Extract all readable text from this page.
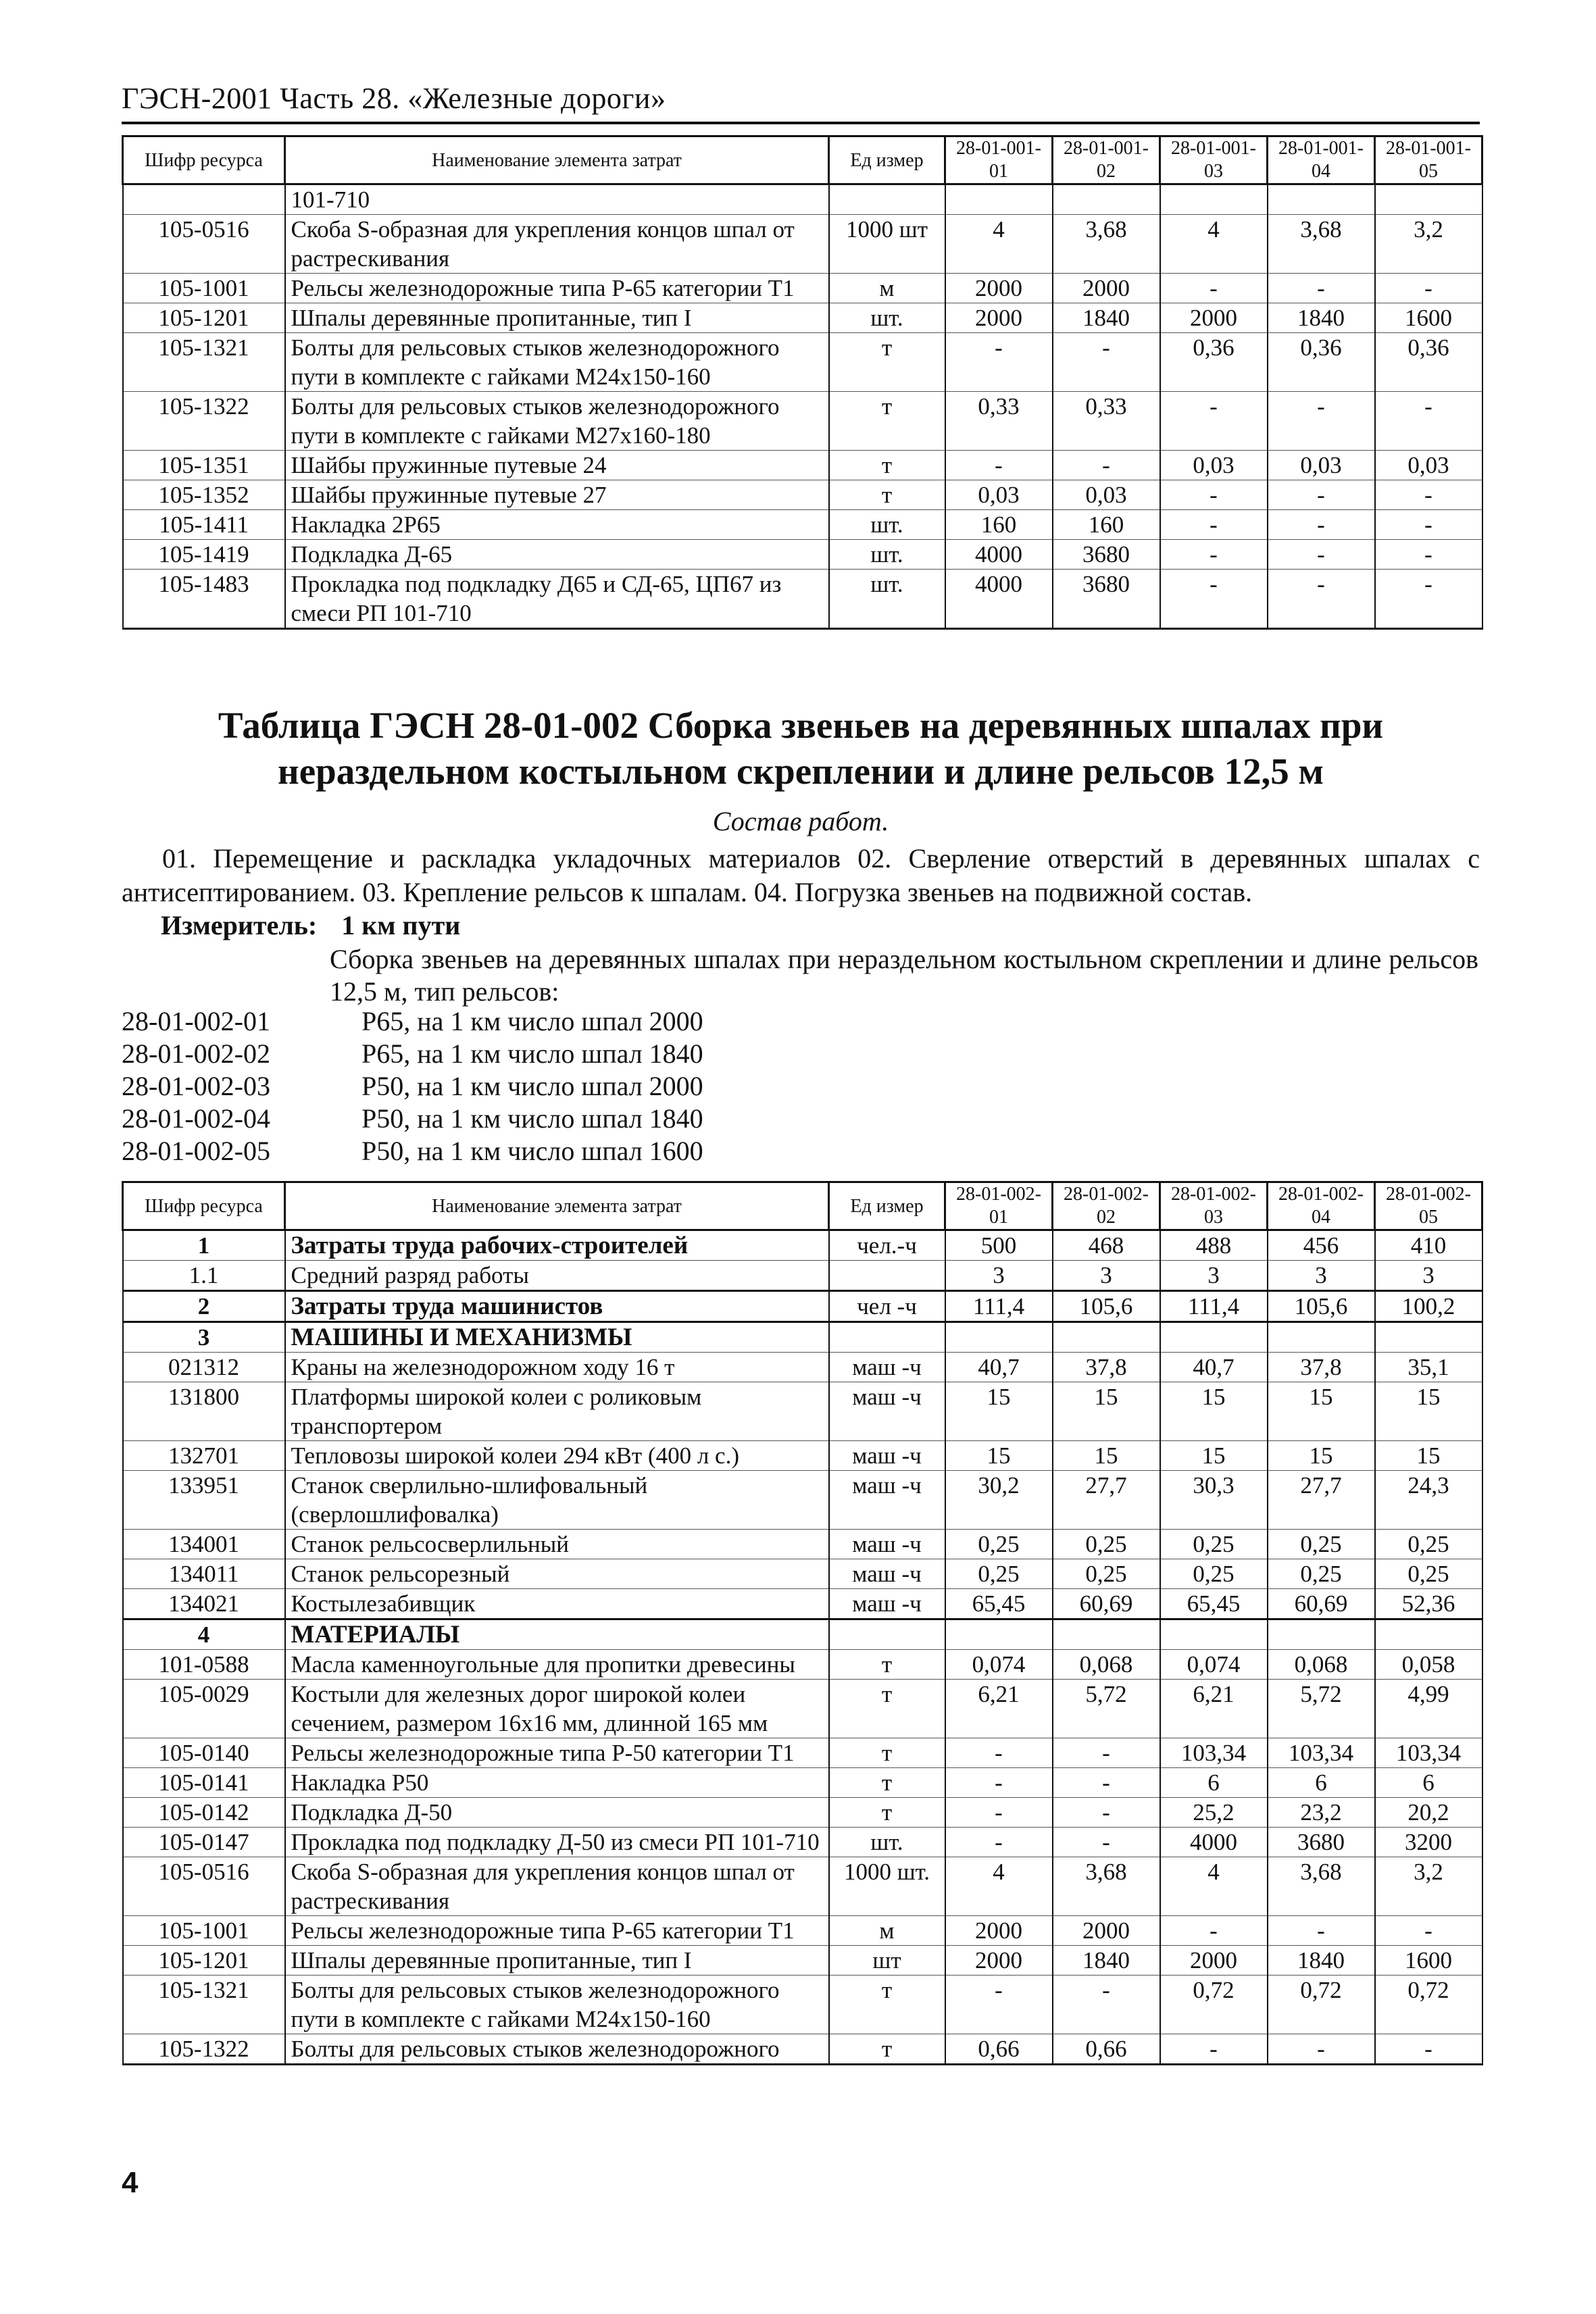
ГЭСН-2001 Часть 28. «Железные дороги»
Шифр ресурса	Наименование элемента затрат	Ед измер	28-01-001-01	28-01-001-02	28-01-001-03	28-01-001-04	28-01-001-05
	101-710						
105-0516	Скоба S-образная для укрепления концов шпал от растрескивания	1000 шт	4	3,68	4	3,68	3,2
105-1001	Рельсы железнодорожные типа Р-65 категории Т1	м	2000	2000	-	-	-
105-1201	Шпалы деревянные пропитанные, тип I	шт.	2000	1840	2000	1840	1600
105-1321	Болты для рельсовых стыков железнодорожного пути в комплекте с гайками М24х150-160	т	-	-	0,36	0,36	0,36
105-1322	Болты для рельсовых стыков железнодорожного пути в комплекте с гайками М27х160-180	т	0,33	0,33	-	-	-
105-1351	Шайбы пружинные путевые 24	т	-	-	0,03	0,03	0,03
105-1352	Шайбы пружинные путевые 27	т	0,03	0,03	-	-	-
105-1411	Накладка 2Р65	шт.	160	160	-	-	-
105-1419	Подкладка Д-65	шт.	4000	3680	-	-	-
105-1483	Прокладка под подкладку Д65 и СД-65, ЦП67 из смеси РП 101-710	шт.	4000	3680	-	-	-
Таблица ГЭСН 28-01-002 Сборка звеньев на деревянных шпалах при нераздельном костыльном скреплении и длине рельсов 12,5 м
Состав работ.
01. Перемещение и раскладка укладочных материалов 02. Сверление отверстий в деревянных шпалах с антисептированием. 03. Крепление рельсов к шпалам. 04. Погрузка звеньев на подвижной состав.
Измеритель: 1 км пути
Сборка звеньев на деревянных шпалах при нераздельном костыльном скреплении и длине рельсов 12,5 м, тип рельсов:
28-01-002-01	Р65, на 1 км число шпал 2000
28-01-002-02	Р65, на 1 км число шпал 1840
28-01-002-03	Р50, на 1 км число шпал 2000
28-01-002-04	Р50, на 1 км число шпал 1840
28-01-002-05	Р50, на 1 км число шпал 1600
Шифр ресурса	Наименование элемента затрат	Ед измер	28-01-002-01	28-01-002-02	28-01-002-03	28-01-002-04	28-01-002-05
1	Затраты труда рабочих-строителей	чел.-ч	500	468	488	456	410
1.1	Средний разряд работы		3	3	3	3	3
2	Затраты труда машинистов	чел -ч	111,4	105,6	111,4	105,6	100,2
3	МАШИНЫ И МЕХАНИЗМЫ						
021312	Краны на железнодорожном ходу 16 т	маш -ч	40,7	37,8	40,7	37,8	35,1
131800	Платформы широкой колеи с роликовым транспортером	маш -ч	15	15	15	15	15
132701	Тепловозы широкой колеи 294 кВт (400 л с.)	маш -ч	15	15	15	15	15
133951	Станок сверлильно-шлифовальный (сверлошлифовалка)	маш -ч	30,2	27,7	30,3	27,7	24,3
134001	Станок рельсосверлильный	маш -ч	0,25	0,25	0,25	0,25	0,25
134011	Станок рельсорезный	маш -ч	0,25	0,25	0,25	0,25	0,25
134021	Костылезабивщик	маш -ч	65,45	60,69	65,45	60,69	52,36
4	МАТЕРИАЛЫ						
101-0588	Масла каменноугольные для пропитки древесины	т	0,074	0,068	0,074	0,068	0,058
105-0029	Костыли для железных дорог широкой колеи сечением, размером 16х16 мм, длинной 165 мм	т	6,21	5,72	6,21	5,72	4,99
105-0140	Рельсы железнодорожные типа Р-50 категории Т1	т	-	-	103,34	103,34	103,34
105-0141	Накладка Р50	т	-	-	6	6	6
105-0142	Подкладка Д-50	т	-	-	25,2	23,2	20,2
105-0147	Прокладка под подкладку Д-50 из смеси РП 101-710	шт.	-	-	4000	3680	3200
105-0516	Скоба S-образная для укрепления концов шпал от растрескивания	1000 шт.	4	3,68	4	3,68	3,2
105-1001	Рельсы железнодорожные типа Р-65 категории Т1	м	2000	2000	-	-	-
105-1201	Шпалы деревянные пропитанные, тип I	шт	2000	1840	2000	1840	1600
105-1321	Болты для рельсовых стыков железнодорожного пути в комплекте с гайками М24х150-160	т	-	-	0,72	0,72	0,72
105-1322	Болты для рельсовых стыков железнодорожного	т	0,66	0,66	-	-	-
4
